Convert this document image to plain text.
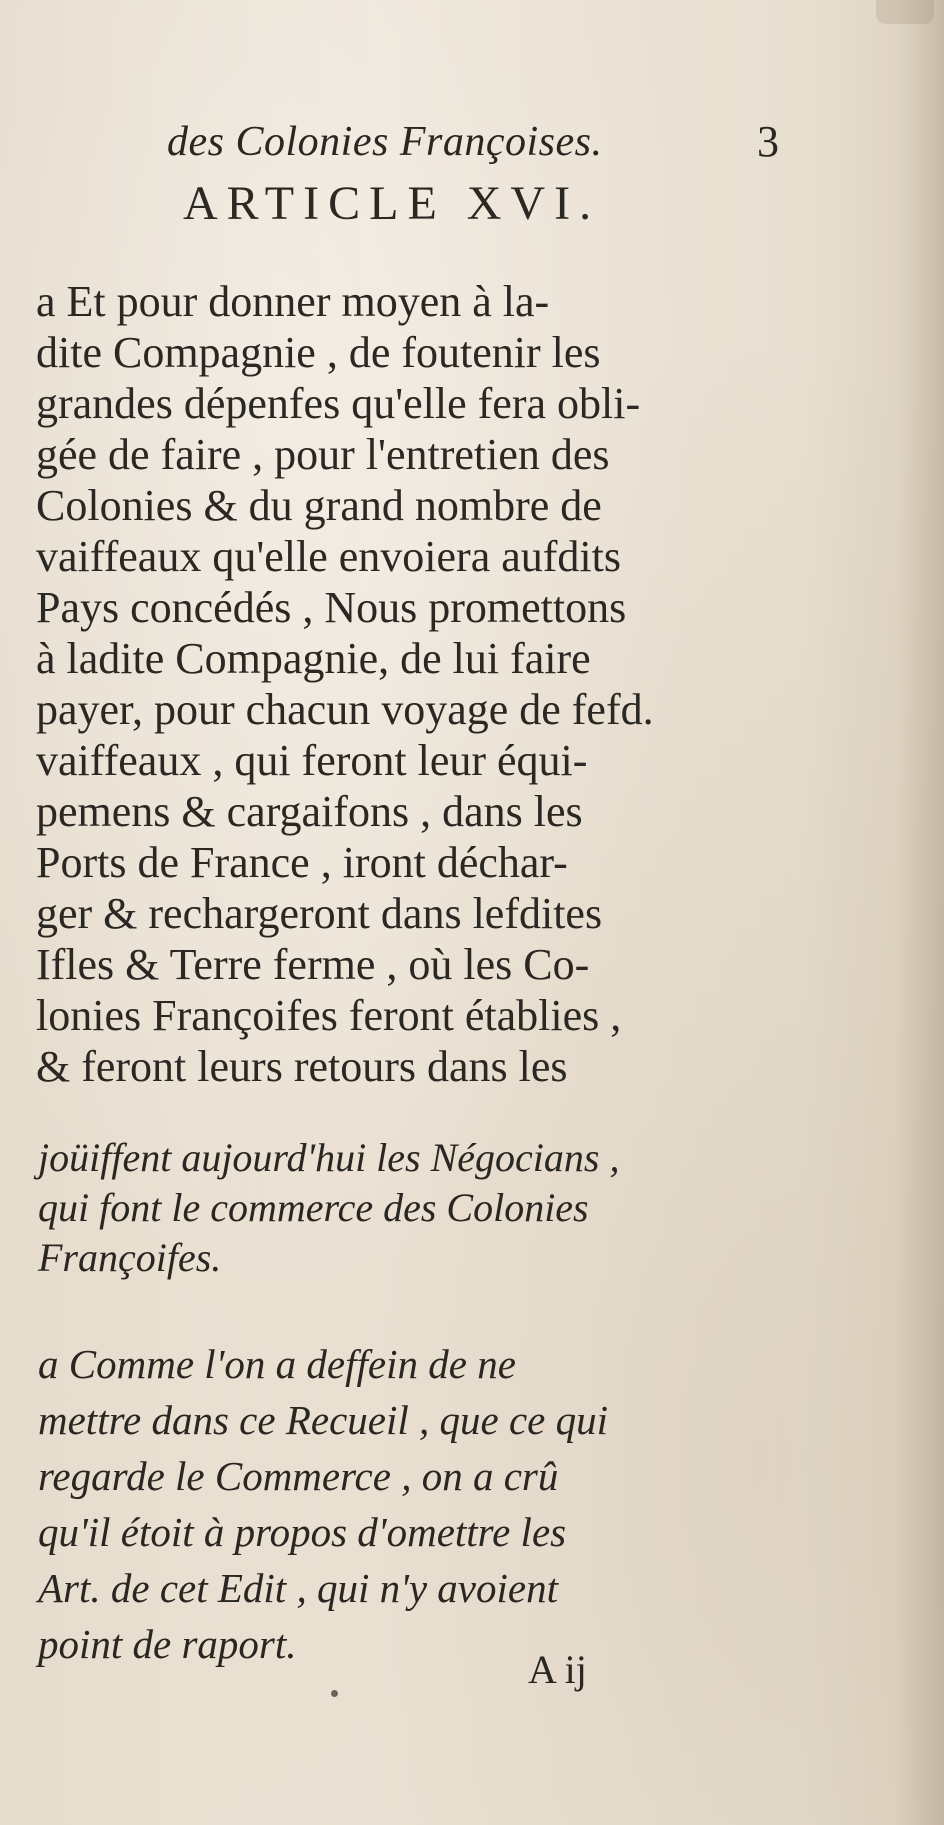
des Colonies Françoises.	3
ARTICLE XVI.
a Et pour donner moyen à la-
dite Compagnie , de foutenir les
grandes dépenfes qu'elle fera obli-
gée de faire , pour l'entretien des
Colonies & du grand nombre de
vaiffeaux qu'elle envoiera aufdits
Pays concédés , Nous promettons
à ladite Compagnie, de lui faire
payer, pour chacun voyage de fefd.
vaiffeaux , qui feront leur équi-
pemens & cargaifons , dans les
Ports de France , iront déchar-
ger & rechargeront dans lefdites
Ifles & Terre ferme , où les Co-
lonies Françoifes feront établies ,
& feront leurs retours dans les
joüiffent aujourd'hui les Négocians ,
qui font le commerce des Colonies
Françoifes.
a Comme l'on a deffein de ne
mettre dans ce Recueil , que ce qui
regarde le Commerce , on a crû
qu'il étoit à propos d'omettre les
Art. de cet Edit , qui n'y avoient
point de raport.
A ij
